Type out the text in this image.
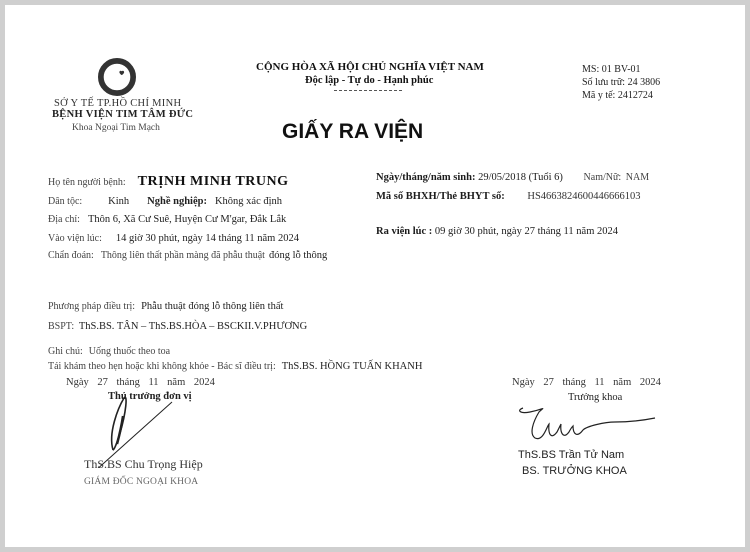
SỞ Y TẾ TP.HỒ CHÍ MINH
BỆNH VIỆN TIM TÂM ĐỨC
Khoa Ngoại Tim Mạch
CỘNG HÒA XÃ HỘI CHỦ NGHĨA VIỆT NAM
Độc lập - Tự do - Hạnh phúc
MS: 01 BV-01
Số lưu trữ: 24 3806
Mã y tế: 2412724
GIẤY RA VIỆN
Họ tên người bệnh: TRỊNH MINH TRUNG
Dân tộc: Kinh Nghề nghiệp: Không xác định
Địa chỉ: Thôn 6, Xã Cư Suê, Huyện Cư M'gar, Đắk Lắk
Vào viện lúc: 14 giờ 30 phút, ngày 14 tháng 11 năm 2024
Chẩn đoán: Thông liên thất phần màng đã phẫu thuật đóng lỗ thông
Ngày/tháng/năm sinh: 29/05/2018 (Tuổi 6) Nam/Nữ: NAM
Mã số BHXH/Thẻ BHYT số: HS4663824600446666103
Ra viện lúc : 09 giờ 30 phút, ngày 27 tháng 11 năm 2024
Phương pháp điều trị: Phẫu thuật đóng lỗ thông liên thất
BSPT: ThS.BS. TÂN – ThS.BS.HÒA – BSCKII.V.PHƯƠNG
Ghi chú: Uống thuốc theo toa
Tái khám theo hẹn hoặc khi không khỏe - Bác sĩ điều trị: ThS.BS. HỒNG TUẤN KHANH
Ngày 27 tháng 11 năm 2024
Thủ trưởng đơn vị
ThS.BS Chu Trọng Hiệp
GIÁM ĐỐC NGOẠI KHOA
Ngày 27 tháng 11 năm 2024
Trưởng khoa
ThS.BS Trần Tử Nam
BS. TRƯỞNG KHOA
